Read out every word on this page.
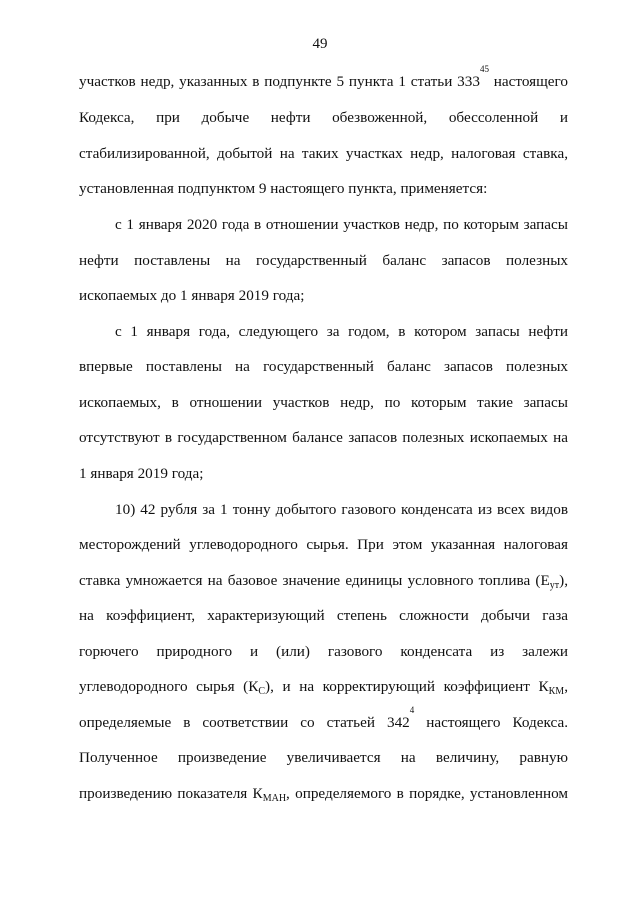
49
участков недр, указанных в подпункте 5 пункта 1 статьи $333^{45}$ настоящего
Кодекса, при добыче нефти обезвоженной, обессоленной и
стабилизированной, добытой на таких участках недр, налоговая ставка,
установленная подпунктом 9 настоящего пункта, применяется:
с 1 января 2020 года в отношении участков недр, по которым запасы
нефти поставлены на государственный баланс запасов полезных
ископаемых до 1 января 2019 года;
с 1 января года, следующего за годом, в котором запасы нефти
впервые поставлены на государственный баланс запасов полезных
ископаемых, в отношении участков недр, по которым такие запасы
отсутствуют в государственном балансе запасов полезных ископаемых на
1 января 2019 года;
10) 42 рубля за 1 тонну добытого газового конденсата из всех видов
месторождений углеводородного сырья. При этом указанная налоговая
ставка умножается на базовое значение единицы условного топлива $(Е_{ут})$,
на коэффициент, характеризующий степень сложности добычи газа
горючего природного и (или) газового конденсата из залежи
углеводородного сырья $(К_С)$, и на корректирующий коэффициент $К_{КМ}$,
определяемые в соответствии со статьей $342^4$ настоящего Кодекса.
Полученное произведение увеличивается на величину, равную
произведению показателя $К_{МАН}$, определяемого в порядке, установленном
